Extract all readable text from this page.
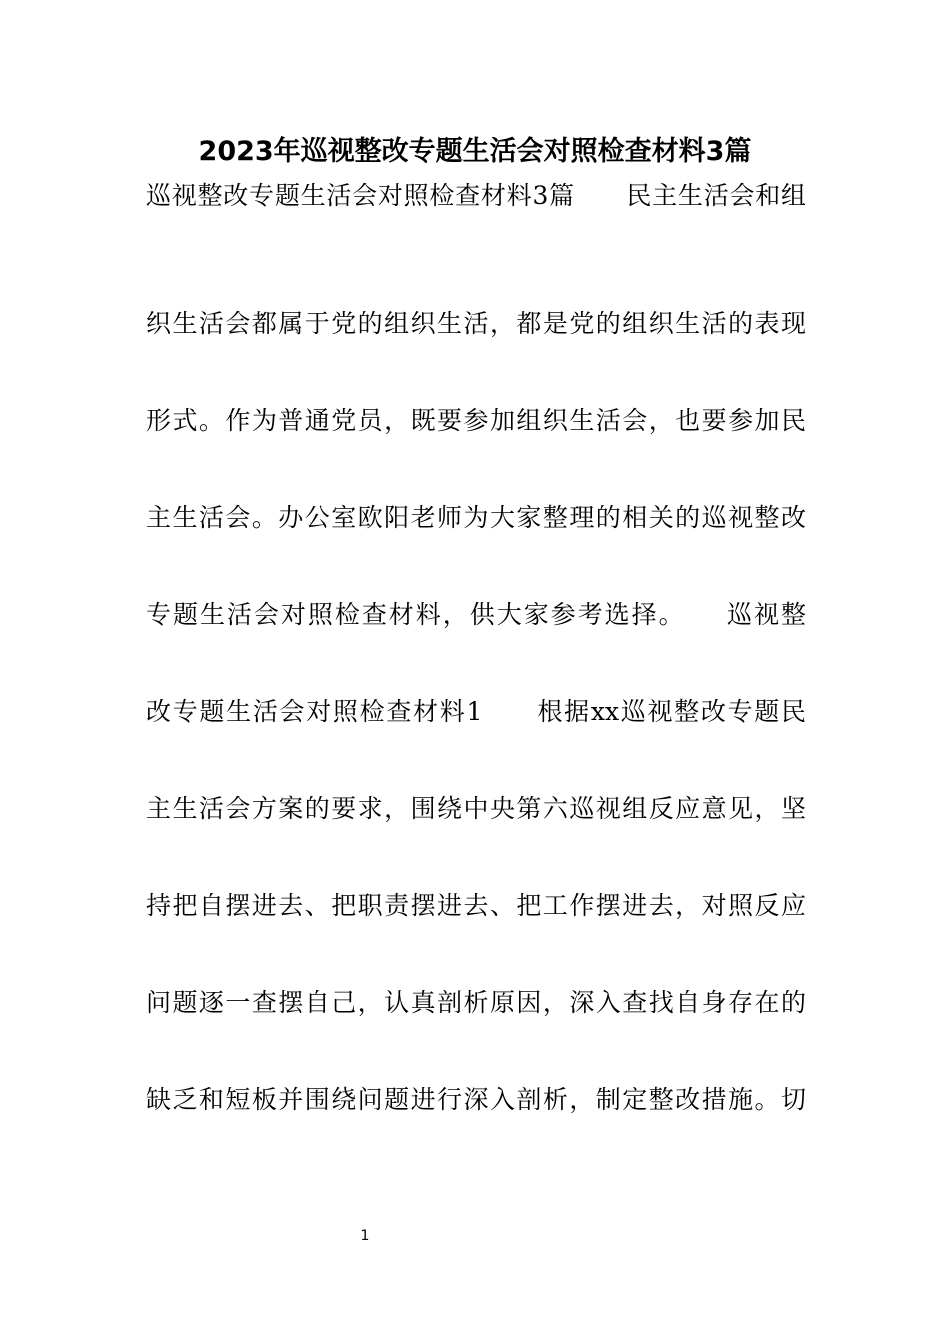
2023年巡视整改专题生活会对照检查材料3篇
巡视整改专题生活会对照检查材料3篇　　民主生活会和组
织生活会都属于党的组织生活，都是党的组织生活的表现
形式。作为普通党员，既要参加组织生活会，也要参加民
主生活会。办公室欧阳老师为大家整理的相关的巡视整改
专题生活会对照检查材料，供大家参考选择。　　巡视整
改专题生活会对照检查材料1　　根据xx巡视整改专题民
主生活会方案的要求，围绕中央第六巡视组反应意见，坚
持把自摆进去、把职责摆进去、把工作摆进去，对照反应
问题逐一查摆自己，认真剖析原因，深入查找自身存在的
缺乏和短板并围绕问题进行深入剖析，制定整改措施。切
1
